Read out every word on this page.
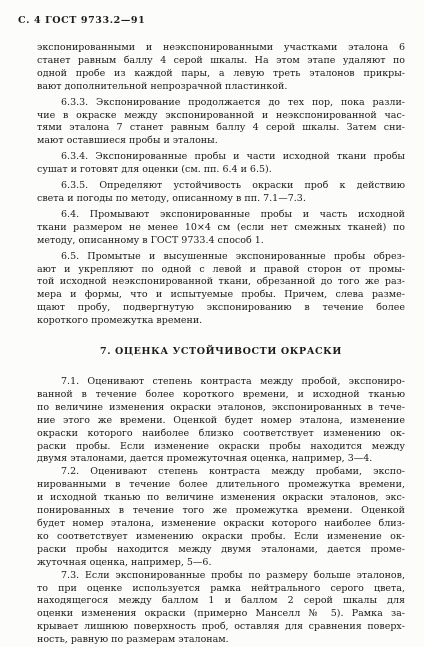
С. 4 ГОСТ 9733.2—91
экспонированными и неэкспонированными участками эталона 6
станет равным баллу 4 серой шкалы. На этом этапе удаляют по
одной пробе из каждой пары, а левую треть эталонов прикры-
вают дополнительной непрозрачной пластинкой.
6.3.3. Экспонирование продолжается до тех пор, пока разли-
чие в окраске между экспонированной и неэкспонированной час-
тями эталона 7 станет равным баллу 4 серой шкалы. Затем сни-
мают оставшиеся пробы и эталоны.
6.3.4. Экспонированные пробы и части исходной ткани пробы
сушат и готовят для оценки (см. пп. 6.4 и 6.5).
6.3.5. Определяют устойчивость окраски проб к действию
света и погоды по методу, описанному в пп. 7.1—7.3.
6.4. Промывают экспонированные пробы и часть исходной
ткани размером не менее 10×4 см (если нет смежных тканей) по
методу, описанному в ГОСТ 9733.4 способ 1.
6.5. Промытые и высушенные экспонированные пробы обрез-
ают и укрепляют по одной с левой и правой сторон от промы-
той исходной неэкспонированной ткани, обрезанной до того же раз-
мера и формы, что и испытуемые пробы. Причем, слева разме-
щают пробу, подвергнутую экспонированию в течение более
короткого промежутка времени.
7. ОЦЕНКА УСТОЙЧИВОСТИ ОКРАСКИ
7.1. Оценивают степень контраста между пробой, экспониро-
ванной в течение более короткого времени, и исходной тканью
по величине изменения окраски эталонов, экспонированных в тече-
ние этого же времени. Оценкой будет номер эталона, изменение
окраски которого наиболее близко соответствует изменению ок-
раски пробы. Если изменение окраски пробы находится между
двумя эталонами, дается промежуточная оценка, например, 3—4.
7.2. Оценивают степень контраста между пробами, экспо-
нированными в течение более длительного промежутка времени,
и исходной тканью по величине изменения окраски эталонов, экс-
понированных в течение того же промежутка времени. Оценкой
будет номер эталона, изменение окраски которого наиболее близ-
ко соответствует изменению окраски пробы. Если изменение ок-
раски пробы находится между двумя эталонами, дается проме-
жуточная оценка, например, 5—6.
7.3. Если экспонированные пробы по размеру больше эталонов,
то при оценке используется рамка нейтрального серого цвета,
находящегося между баллом 1 и баллом 2 серой шкалы для
оценки изменения окраски (примерно Манселл № 5). Рамка за-
крывает лишнюю поверхность проб, оставляя для сравнения поверх-
ность, равную по размерам эталонам.
